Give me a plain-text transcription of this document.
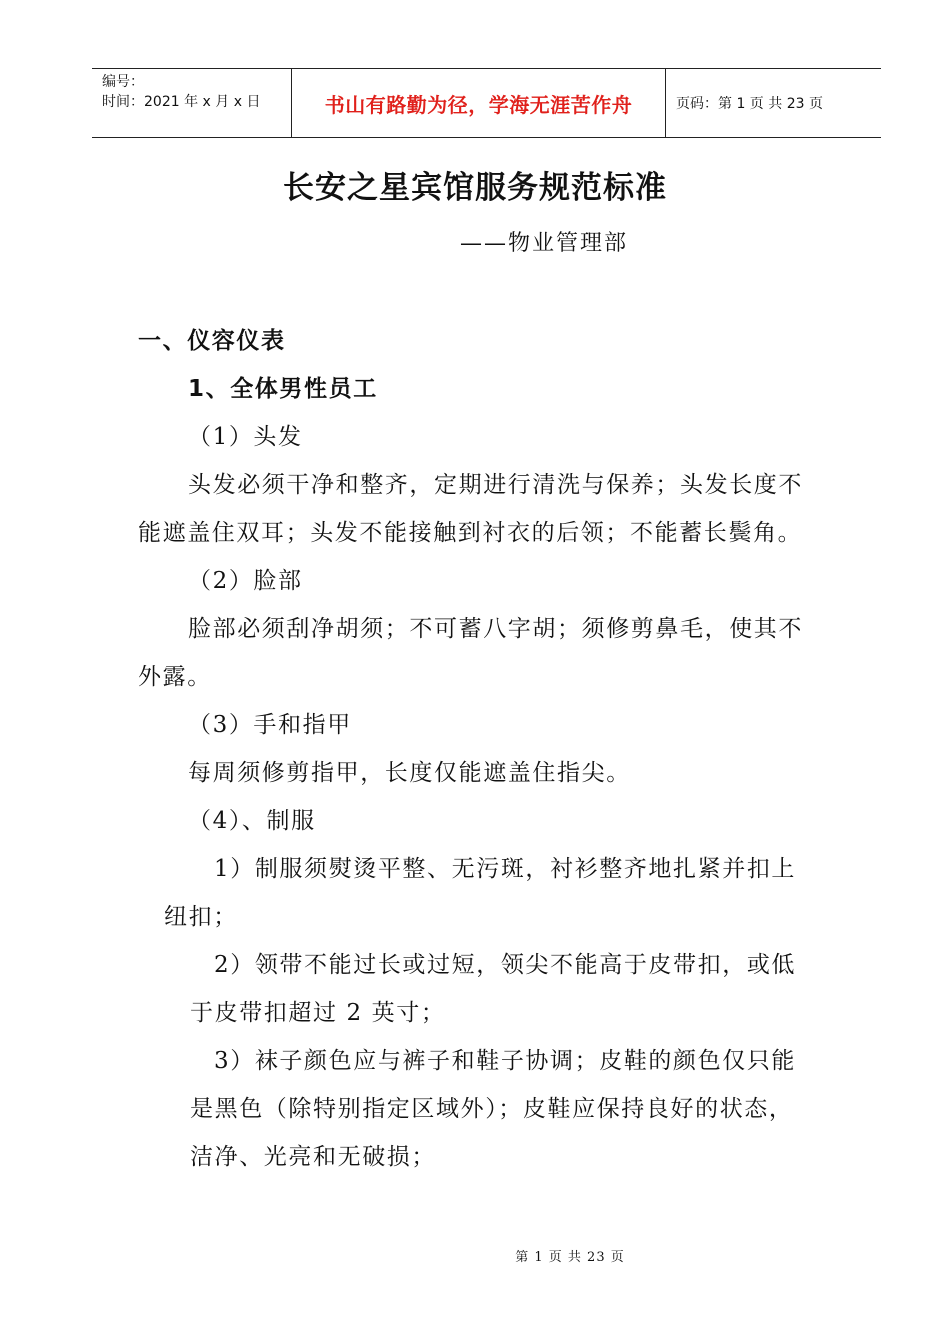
编号：
时间：2021 年 x 月 x 日	书山有路勤为径，学海无涯苦作舟	页码：第 1 页 共 23 页
长安之星宾馆服务规范标准
——物业管理部
一、仪容仪表
1、全体男性员工
（1）头发
头发必须干净和整齐，定期进行清洗与保养；头发长度不
能遮盖住双耳；头发不能接触到衬衣的后领；不能蓄长鬓角。
（2）脸部
脸部必须刮净胡须；不可蓄八字胡；须修剪鼻毛，使其不
外露。
（3）手和指甲
每周须修剪指甲，长度仅能遮盖住指尖。
（4）、制服
1）制服须熨烫平整、无污斑，衬衫整齐地扎紧并扣上
纽扣；
2）领带不能过长或过短，领尖不能高于皮带扣，或低
于皮带扣超过 2 英寸；
3）袜子颜色应与裤子和鞋子协调；皮鞋的颜色仅只能
是黑色（除特别指定区域外）；皮鞋应保持良好的状态，
洁净、光亮和无破损；
第 1 页 共 23 页
